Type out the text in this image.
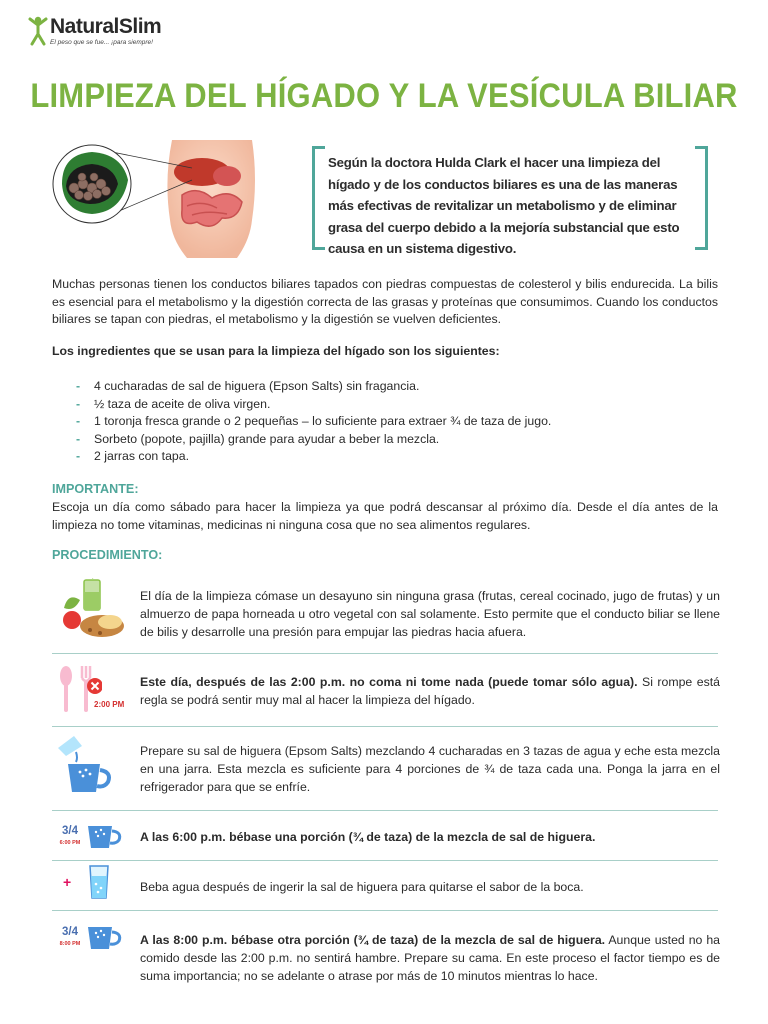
NaturalSlim
El peso que se fue... ¡para siempre!
LIMPIEZA DEL HÍGADO Y LA VESÍCULA BILIAR
Según la doctora Hulda Clark el hacer una limpieza del hígado y de los conductos biliares es una de las maneras más efectivas de revitalizar un metabolismo y de eliminar grasa del cuerpo debido a la mejoría substancial que esto causa en un sistema digestivo.
Muchas personas tienen los conductos biliares tapados con piedras compuestas de colesterol y bilis endurecida. La bilis es esencial para el metabolismo y la digestión correcta de las grasas y proteínas que consumimos. Cuando los conductos biliares se tapan con piedras, el metabolismo y la digestión se vuelven deficientes.
Los ingredientes que se usan para la limpieza del hígado son los siguientes:
- 4 cucharadas de sal de higuera (Epson Salts) sin fragancia.
- ½ taza de aceite de oliva virgen.
- 1 toronja fresca grande o 2 pequeñas – lo suficiente para extraer ¾ de taza de jugo.
- Sorbeto (popote, pajilla) grande para ayudar a beber la mezcla.
- 2 jarras con tapa.
IMPORTANTE:
Escoja un día como sábado para hacer la limpieza ya que podrá descansar al próximo día. Desde el día antes de la limpieza no tome vitaminas, medicinas ni ninguna cosa que no sea alimentos regulares.
PROCEDIMIENTO:
El día de la limpieza cómase un desayuno sin ninguna grasa (frutas, cereal cocinado, jugo de frutas) y un almuerzo de papa horneada u otro vegetal con sal solamente. Esto permite que el conducto biliar se llene de bilis y desarrolle una presión para empujar las piedras hacia afuera.
2:00 PM
Este día, después de las 2:00 p.m. no coma ni tome nada (puede tomar sólo agua). Si rompe está regla se podrá sentir muy mal al hacer la limpieza del hígado.
Prepare su sal de higuera (Epsom Salts) mezclando 4 cucharadas en 3 tazas de agua y eche esta mezcla en una jarra. Esta mezcla es suficiente para 4 porciones de ¾ de taza cada una. Ponga la jarra en el refrigerador para que se enfríe.
3/4
6:00 PM	A las 6:00 p.m. bébase una porción (¾ de taza) de la mezcla de sal de higuera.
+	Beba agua después de ingerir la sal de higuera para quitarse el sabor de la boca.
3/4
8:00 PM	A las 8:00 p.m. bébase otra porción (¾ de taza) de la mezcla de sal de higuera. Aunque usted no ha comido desde las 2:00 p.m. no sentirá hambre. Prepare su cama. En este proceso el factor tiempo es de suma importancia; no se adelante o atrase por más de 10 minutos mientras lo hace.
